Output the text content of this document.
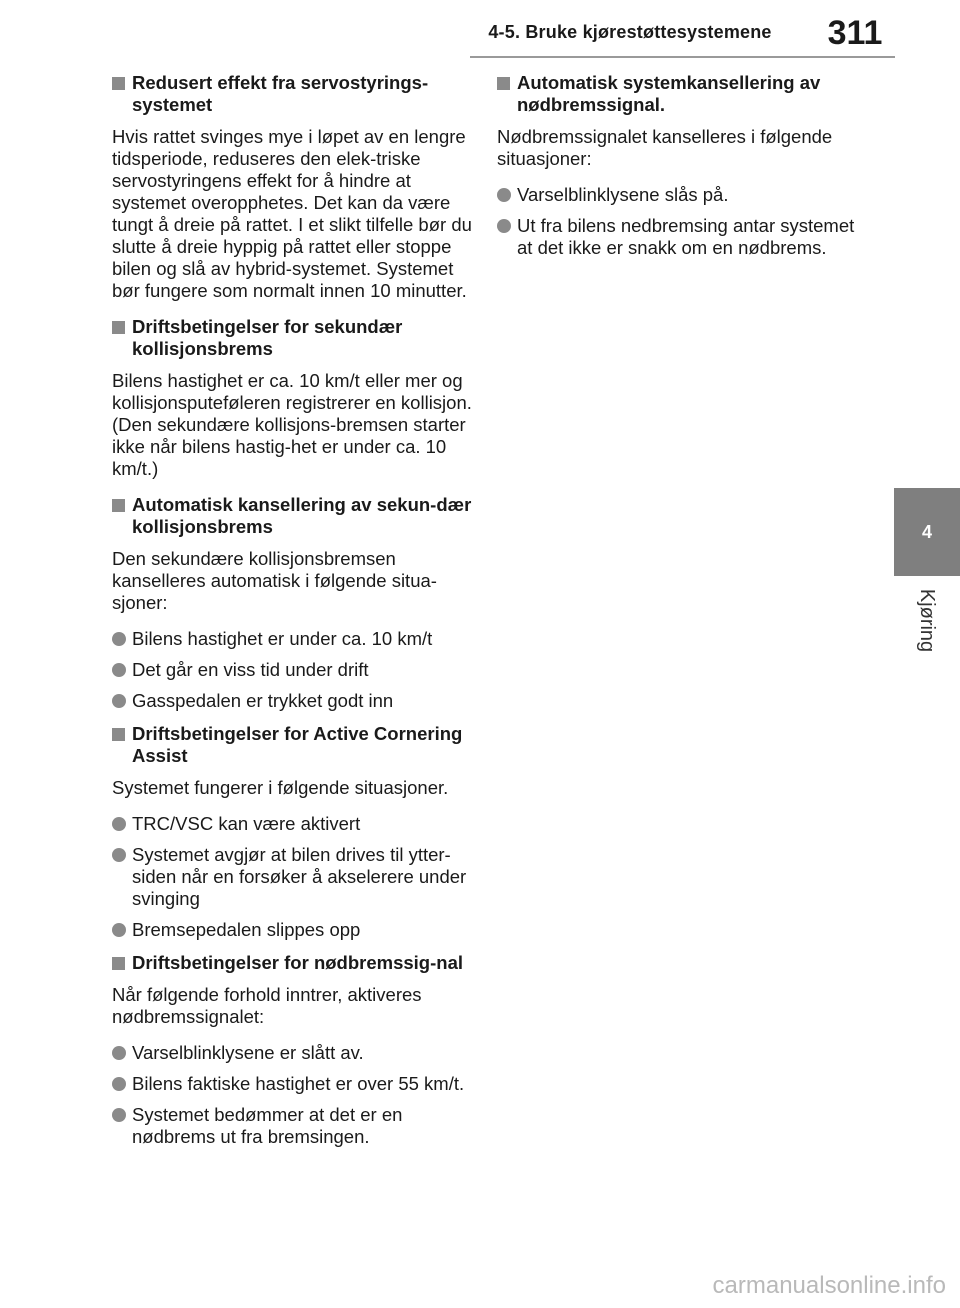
4-5. Bruke kjørestøttesystemene	311
4
Kjøring
Redusert effekt fra servostyrings-systemet

Hvis rattet svinges mye i løpet av en lengre tidsperiode, reduseres den elek-triske servostyringens effekt for å hindre at systemet overopphetes. Det kan da være tungt å dreie på rattet. I et slikt tilfelle bør du slutte å dreie hyppig på rattet eller stoppe bilen og slå av hybrid-systemet. Systemet bør fungere som normalt innen 10 minutter.

Driftsbetingelser for sekundær kollisjonsbrems

Bilens hastighet er ca. 10 km/t eller mer og kollisjonsputeføleren registrerer en kollisjon. (Den sekundære kollisjons-bremsen starter ikke når bilens hastig-het er under ca. 10 km/t.)

Automatisk kansellering av sekun-dær kollisjonsbrems

Den sekundære kollisjonsbremsen kanselleres automatisk i følgende situa-sjoner:

Bilens hastighet er under ca. 10 km/t
Det går en viss tid under drift
Gasspedalen er trykket godt inn
Driftsbetingelser for Active Cornering Assist

Systemet fungerer i følgende situasjoner.

TRC/VSC kan være aktivert
Systemet avgjør at bilen drives til ytter-siden når en forsøker å akselerere under svinging
Bremsepedalen slippes opp
Driftsbetingelser for nødbremssig-nal

Når følgende forhold inntrer, aktiveres nødbremssignalet:

Varselblinklysene er slått av.
Bilens faktiske hastighet er over 55 km/t.
Systemet bedømmer at det er en nødbrems ut fra bremsingen.
Automatisk systemkansellering av nødbremssignal.

Nødbremssignalet kanselleres i følgende situasjoner:

Varselblinklysene slås på.
Ut fra bilens nedbremsing antar systemet at det ikke er snakk om en nødbrems.
carmanualsonline.info
